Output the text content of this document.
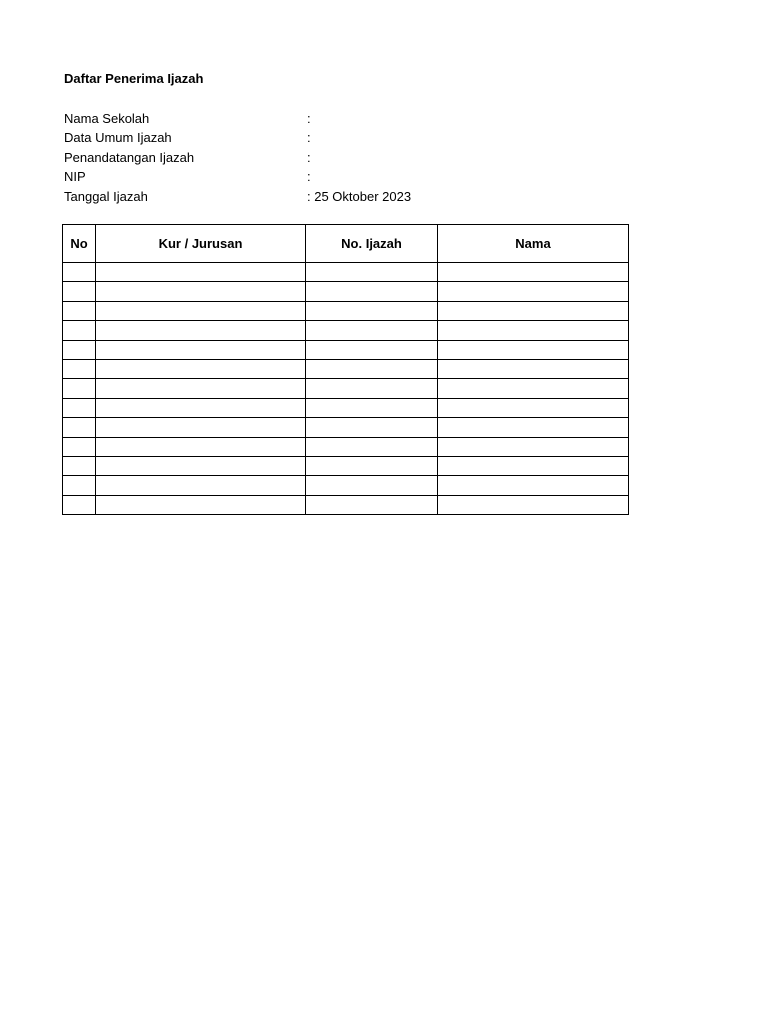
Daftar Penerima Ijazah
Nama Sekolah	:
Data Umum Ijazah	:
Penandatangan Ijazah	:
NIP	:
Tanggal Ijazah	: 25 Oktober 2023
No	Kur / Jurusan	No. Ijazah	Nama
